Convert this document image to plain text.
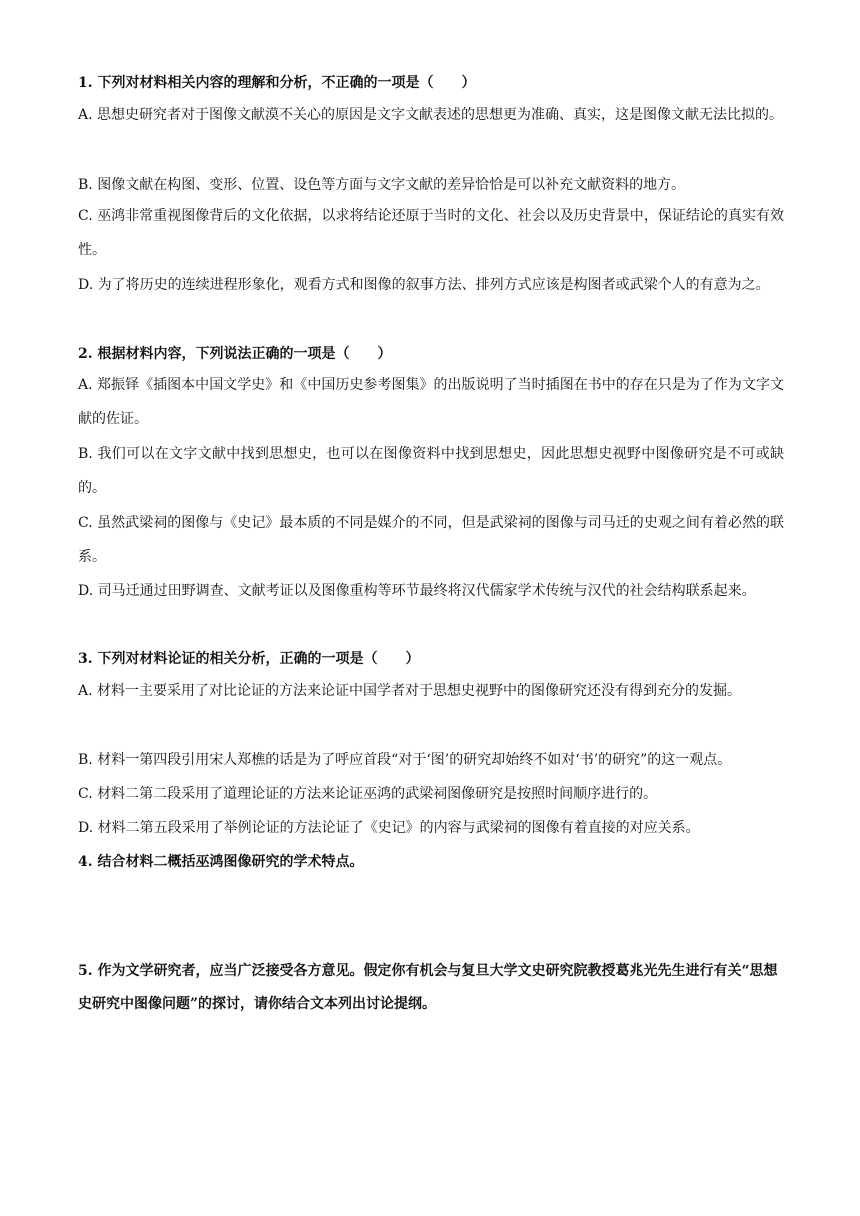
1. 下列对材料相关内容的理解和分析，不正确的一项是（　　）

A. 思想史研究者对于图像文献漠不关心的原因是文字文献表述的思想更为准确、真实，这是图像文献无法比拟的。

B. 图像文献在构图、变形、位置、设色等方面与文字文献的差异恰恰是可以补充文献资料的地方。

C. 巫鸿非常重视图像背后的文化依据，以求将结论还原于当时的文化、社会以及历史背景中，保证结论的真实有效性。

D. 为了将历史的连续进程形象化，观看方式和图像的叙事方法、排列方式应该是构图者或武梁个人的有意为之。

2. 根据材料内容，下列说法正确的一项是（　　）

A. 郑振铎《插图本中国文学史》和《中国历史参考图集》的出版说明了当时插图在书中的存在只是为了作为文字文献的佐证。

B. 我们可以在文字文献中找到思想史，也可以在图像资料中找到思想史，因此思想史视野中图像研究是不可或缺的。

C. 虽然武梁祠的图像与《史记》最本质的不同是媒介的不同，但是武梁祠的图像与司马迁的史观之间有着必然的联系。

D. 司马迁通过田野调查、文献考证以及图像重构等环节最终将汉代儒家学术传统与汉代的社会结构联系起来。

3. 下列对材料论证的相关分析，正确的一项是（　　）

A. 材料一主要采用了对比论证的方法来论证中国学者对于思想史视野中的图像研究还没有得到充分的发掘。

B. 材料一第四段引用宋人郑樵的话是为了呼应首段“对于‘图’的研究却始终不如对‘书’的研究”的这一观点。

C. 材料二第二段采用了道理论证的方法来论证巫鸿的武梁祠图像研究是按照时间顺序进行的。

D. 材料二第五段采用了举例论证的方法论证了《史记》的内容与武梁祠的图像有着直接的对应关系。

4. 结合材料二概括巫鸿图像研究的学术特点。

5. 作为文学研究者，应当广泛接受各方意见。假定你有机会与复旦大学文史研究院教授葛兆光先生进行有关“思想史研究中图像问题”的探讨，请你结合文本列出讨论提纲。
